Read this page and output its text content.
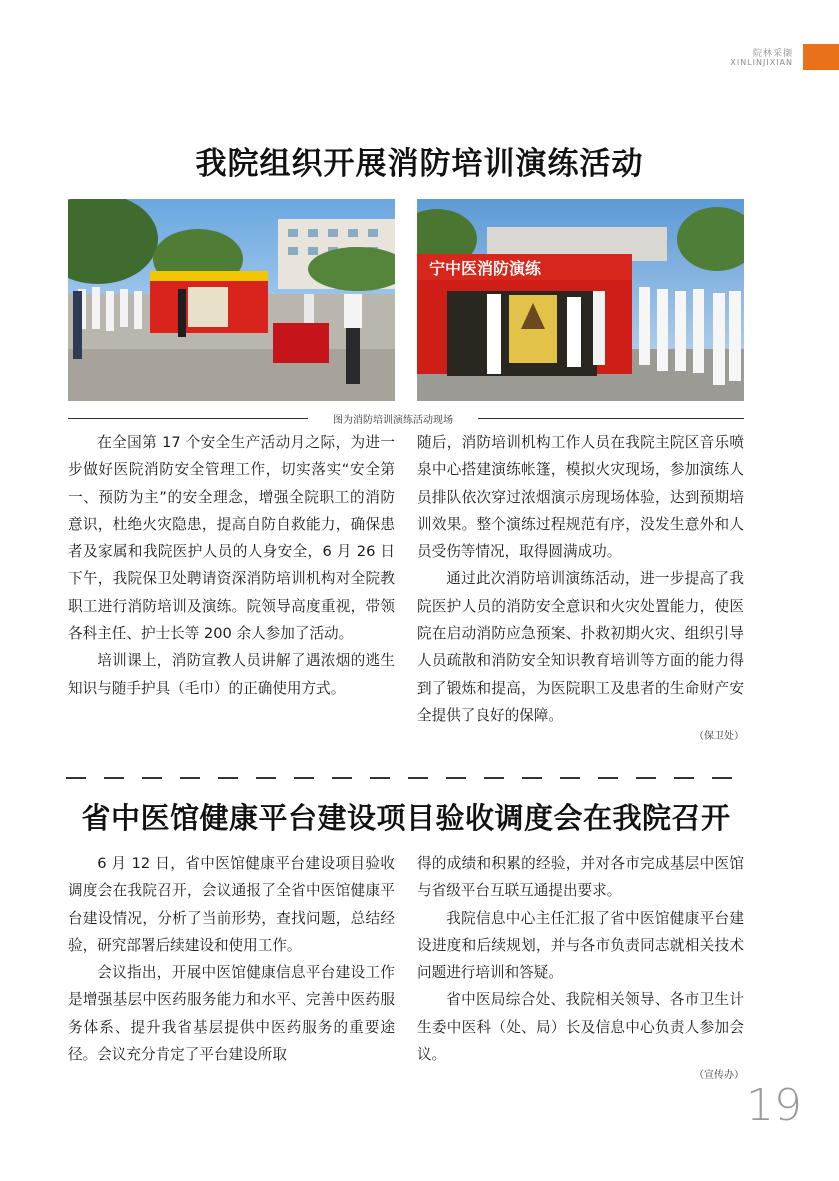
院林采撷
XINLINJIXIAN
我院组织开展消防培训演练活动
宁中医消防演练
图为消防培训演练活动现场

在全国第 17 个安全生产活动月之际，为进一步做好医院消防安全管理工作，切实落实“安全第一、预防为主”的安全理念，增强全院职工的消防意识，杜绝火灾隐患，提高自防自救能力，确保患者及家属和我院医护人员的人身安全，6 月 26 日下午，我院保卫处聘请资深消防培训机构对全院教职工进行消防培训及演练。院领导高度重视，带领各科主任、护士长等 200 余人参加了活动。

培训课上，消防宣教人员讲解了遇浓烟的逃生知识与随手护具（毛巾）的正确使用方式。

随后，消防培训机构工作人员在我院主院区音乐喷泉中心搭建演练帐篷，模拟火灾现场，参加演练人员排队依次穿过浓烟演示房现场体验，达到预期培训效果。整个演练过程规范有序，没发生意外和人员受伤等情况，取得圆满成功。

通过此次消防培训演练活动，进一步提高了我院医护人员的消防安全意识和火灾处置能力，使医院在启动消防应急预案、扑救初期火灾、组织引导人员疏散和消防安全知识教育培训等方面的能力得到了锻炼和提高，为医院职工及患者的生命财产安全提供了良好的保障。

（保卫处）
省中医馆健康平台建设项目验收调度会在我院召开

6 月 12 日，省中医馆健康平台建设项目验收调度会在我院召开，会议通报了全省中医馆健康平台建设情况，分析了当前形势，查找问题，总结经验，研究部署后续建设和使用工作。

会议指出，开展中医馆健康信息平台建设工作是增强基层中医药服务能力和水平、完善中医药服务体系、提升我省基层提供中医药服务的重要途径。会议充分肯定了平台建设所取

得的成绩和积累的经验，并对各市完成基层中医馆与省级平台互联互通提出要求。

我院信息中心主任汇报了省中医馆健康平台建设进度和后续规划，并与各市负责同志就相关技术问题进行培训和答疑。

省中医局综合处、我院相关领导、各市卫生计生委中医科（处、局）长及信息中心负责人参加会议。

（宣传办）
19
